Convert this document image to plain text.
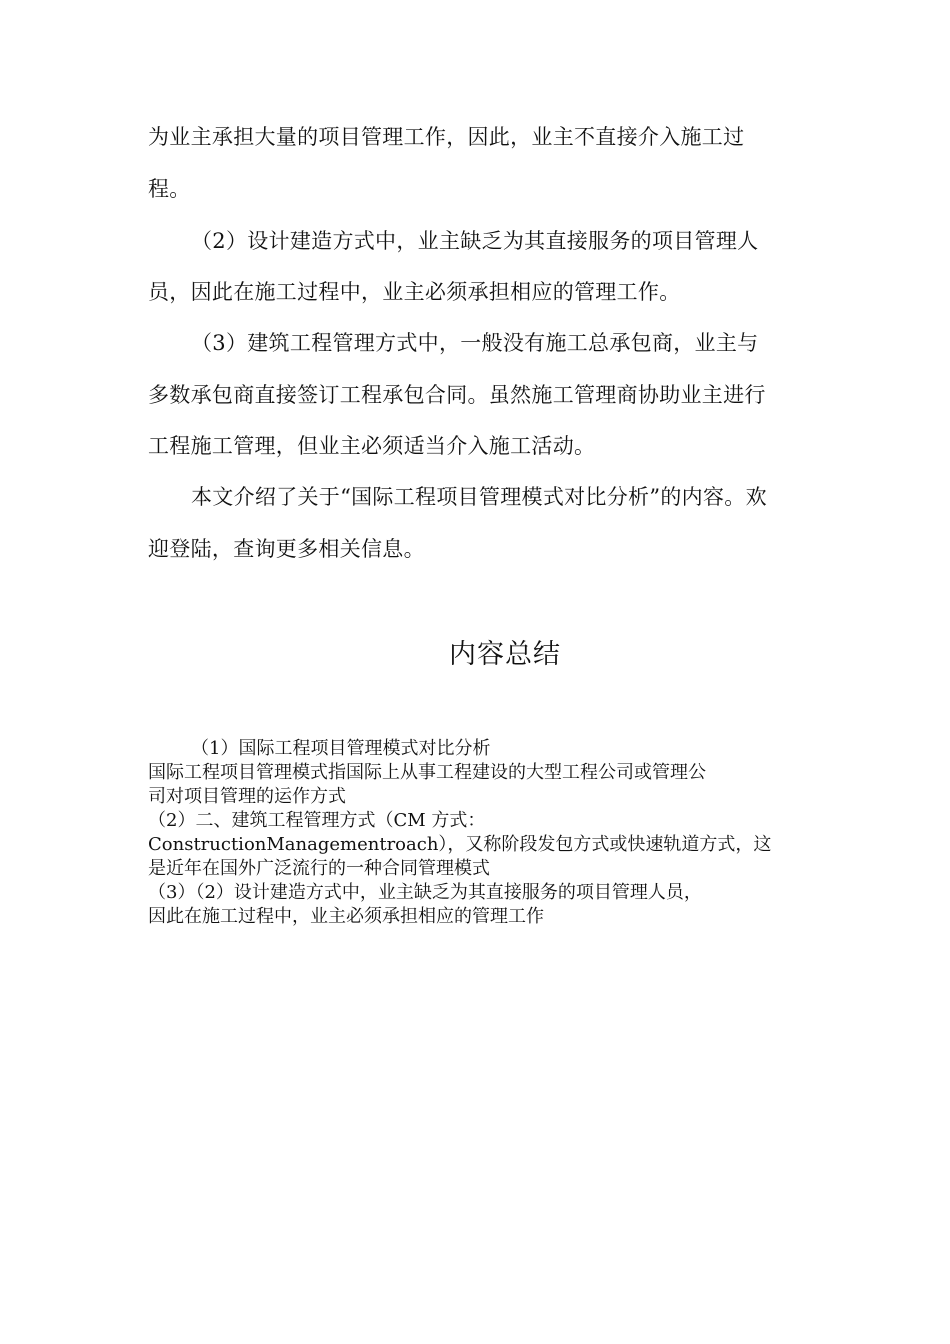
为业主承担大量的项目管理工作，因此，业主不直接介入施工过
程。
（2）设计建造方式中，业主缺乏为其直接服务的项目管理人
员，因此在施工过程中，业主必须承担相应的管理工作。
（3）建筑工程管理方式中，一般没有施工总承包商，业主与
多数承包商直接签订工程承包合同。虽然施工管理商协助业主进行
工程施工管理，但业主必须适当介入施工活动。
本文介绍了关于“国际工程项目管理模式对比分析”的内容。欢
迎登陆，查询更多相关信息。
内容总结
（1）国际工程项目管理模式对比分析
国际工程项目管理模式指国际上从事工程建设的大型工程公司或管理公
司对项目管理的运作方式
（2）二、建筑工程管理方式（CM 方式：
ConstructionManagementroach），又称阶段发包方式或快速轨道方式，这
是近年在国外广泛流行的一种合同管理模式
（3）（2）设计建造方式中，业主缺乏为其直接服务的项目管理人员，
因此在施工过程中，业主必须承担相应的管理工作
